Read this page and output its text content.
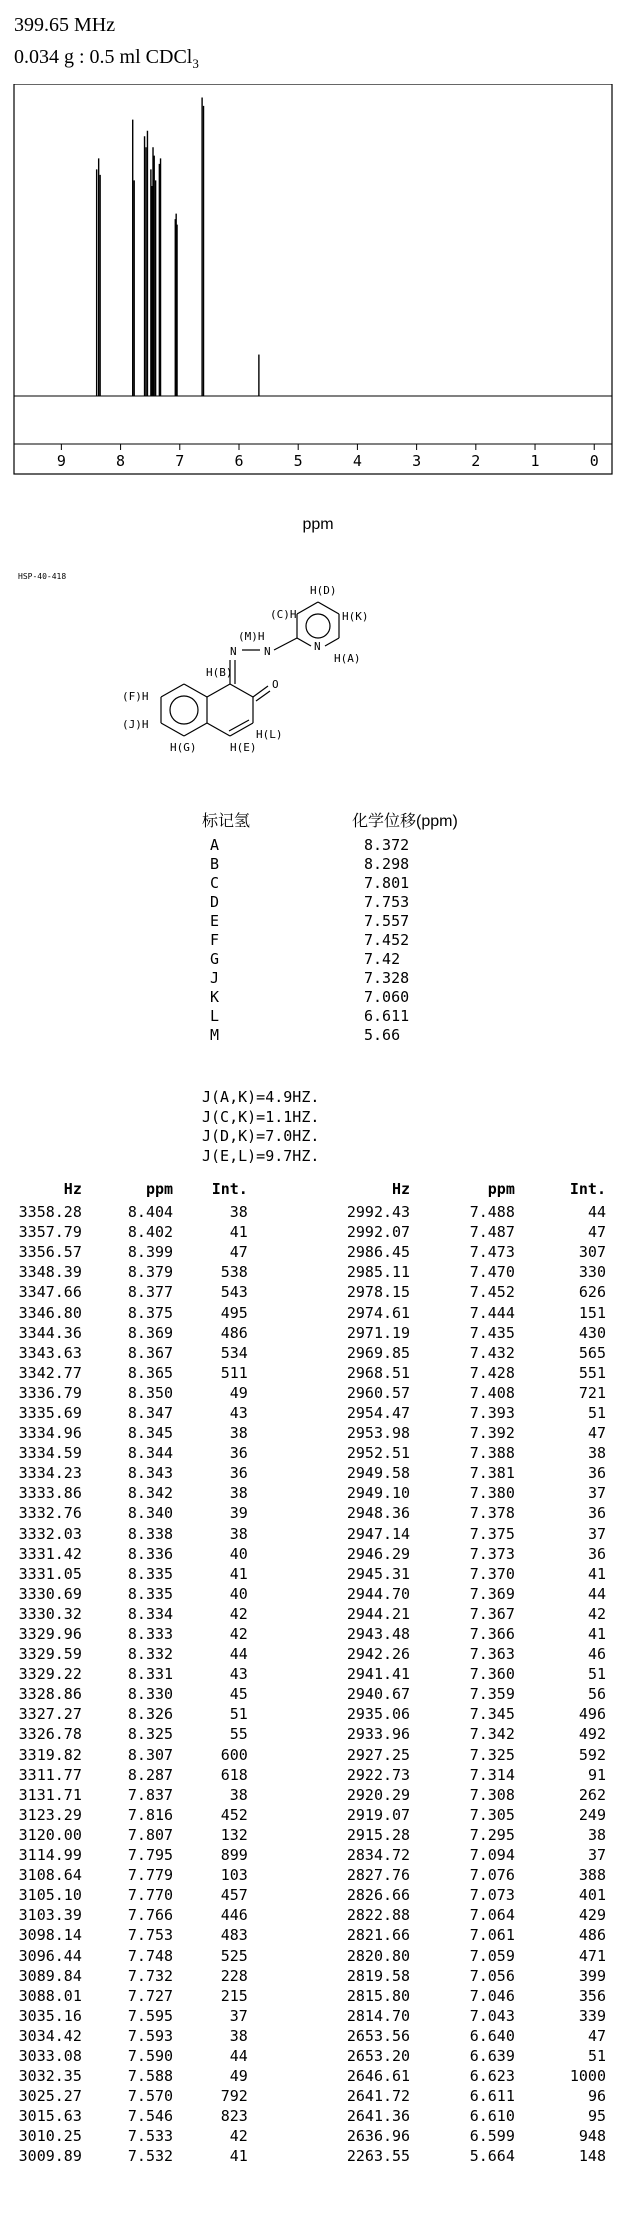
399.65 MHz
0.034 g : 0.5 ml CDCl$_3$
9	8	7	6	5	4	3	2	1	0
ppm
HSP-40-418
N N	N
O
(M)H
H(D)
(C)H	H(K)
H(A)
H(B)
(F)H
(J)H
H(G)	H(E)
H(L)
标记氢	化学位移(ppm)
A	8.372
B	8.298
C	7.801
D	7.753
E	7.557
F	7.452
G	7.42
J	7.328
K	7.060
L	6.611
M	5.66
J(A,K)=4.9HZ.
J(C,K)=1.1HZ.
J(D,K)=7.0HZ.
J(E,L)=9.7HZ.
Hz	ppm	Int.	Hz	ppm	Int.
3358.28	8.404	38	2992.43	7.488	44
3357.79	8.402	41	2992.07	7.487	47
3356.57	8.399	47	2986.45	7.473	307
3348.39	8.379	538	2985.11	7.470	330
3347.66	8.377	543	2978.15	7.452	626
3346.80	8.375	495	2974.61	7.444	151
3344.36	8.369	486	2971.19	7.435	430
3343.63	8.367	534	2969.85	7.432	565
3342.77	8.365	511	2968.51	7.428	551
3336.79	8.350	49	2960.57	7.408	721
3335.69	8.347	43	2954.47	7.393	51
3334.96	8.345	38	2953.98	7.392	47
3334.59	8.344	36	2952.51	7.388	38
3334.23	8.343	36	2949.58	7.381	36
3333.86	8.342	38	2949.10	7.380	37
3332.76	8.340	39	2948.36	7.378	36
3332.03	8.338	38	2947.14	7.375	37
3331.42	8.336	40	2946.29	7.373	36
3331.05	8.335	41	2945.31	7.370	41
3330.69	8.335	40	2944.70	7.369	44
3330.32	8.334	42	2944.21	7.367	42
3329.96	8.333	42	2943.48	7.366	41
3329.59	8.332	44	2942.26	7.363	46
3329.22	8.331	43	2941.41	7.360	51
3328.86	8.330	45	2940.67	7.359	56
3327.27	8.326	51	2935.06	7.345	496
3326.78	8.325	55	2933.96	7.342	492
3319.82	8.307	600	2927.25	7.325	592
3311.77	8.287	618	2922.73	7.314	91
3131.71	7.837	38	2920.29	7.308	262
3123.29	7.816	452	2919.07	7.305	249
3120.00	7.807	132	2915.28	7.295	38
3114.99	7.795	899	2834.72	7.094	37
3108.64	7.779	103	2827.76	7.076	388
3105.10	7.770	457	2826.66	7.073	401
3103.39	7.766	446	2822.88	7.064	429
3098.14	7.753	483	2821.66	7.061	486
3096.44	7.748	525	2820.80	7.059	471
3089.84	7.732	228	2819.58	7.056	399
3088.01	7.727	215	2815.80	7.046	356
3035.16	7.595	37	2814.70	7.043	339
3034.42	7.593	38	2653.56	6.640	47
3033.08	7.590	44	2653.20	6.639	51
3032.35	7.588	49	2646.61	6.623	1000
3025.27	7.570	792	2641.72	6.611	96
3015.63	7.546	823	2641.36	6.610	95
3010.25	7.533	42	2636.96	6.599	948
3009.89	7.532	41	2263.55	5.664	148
